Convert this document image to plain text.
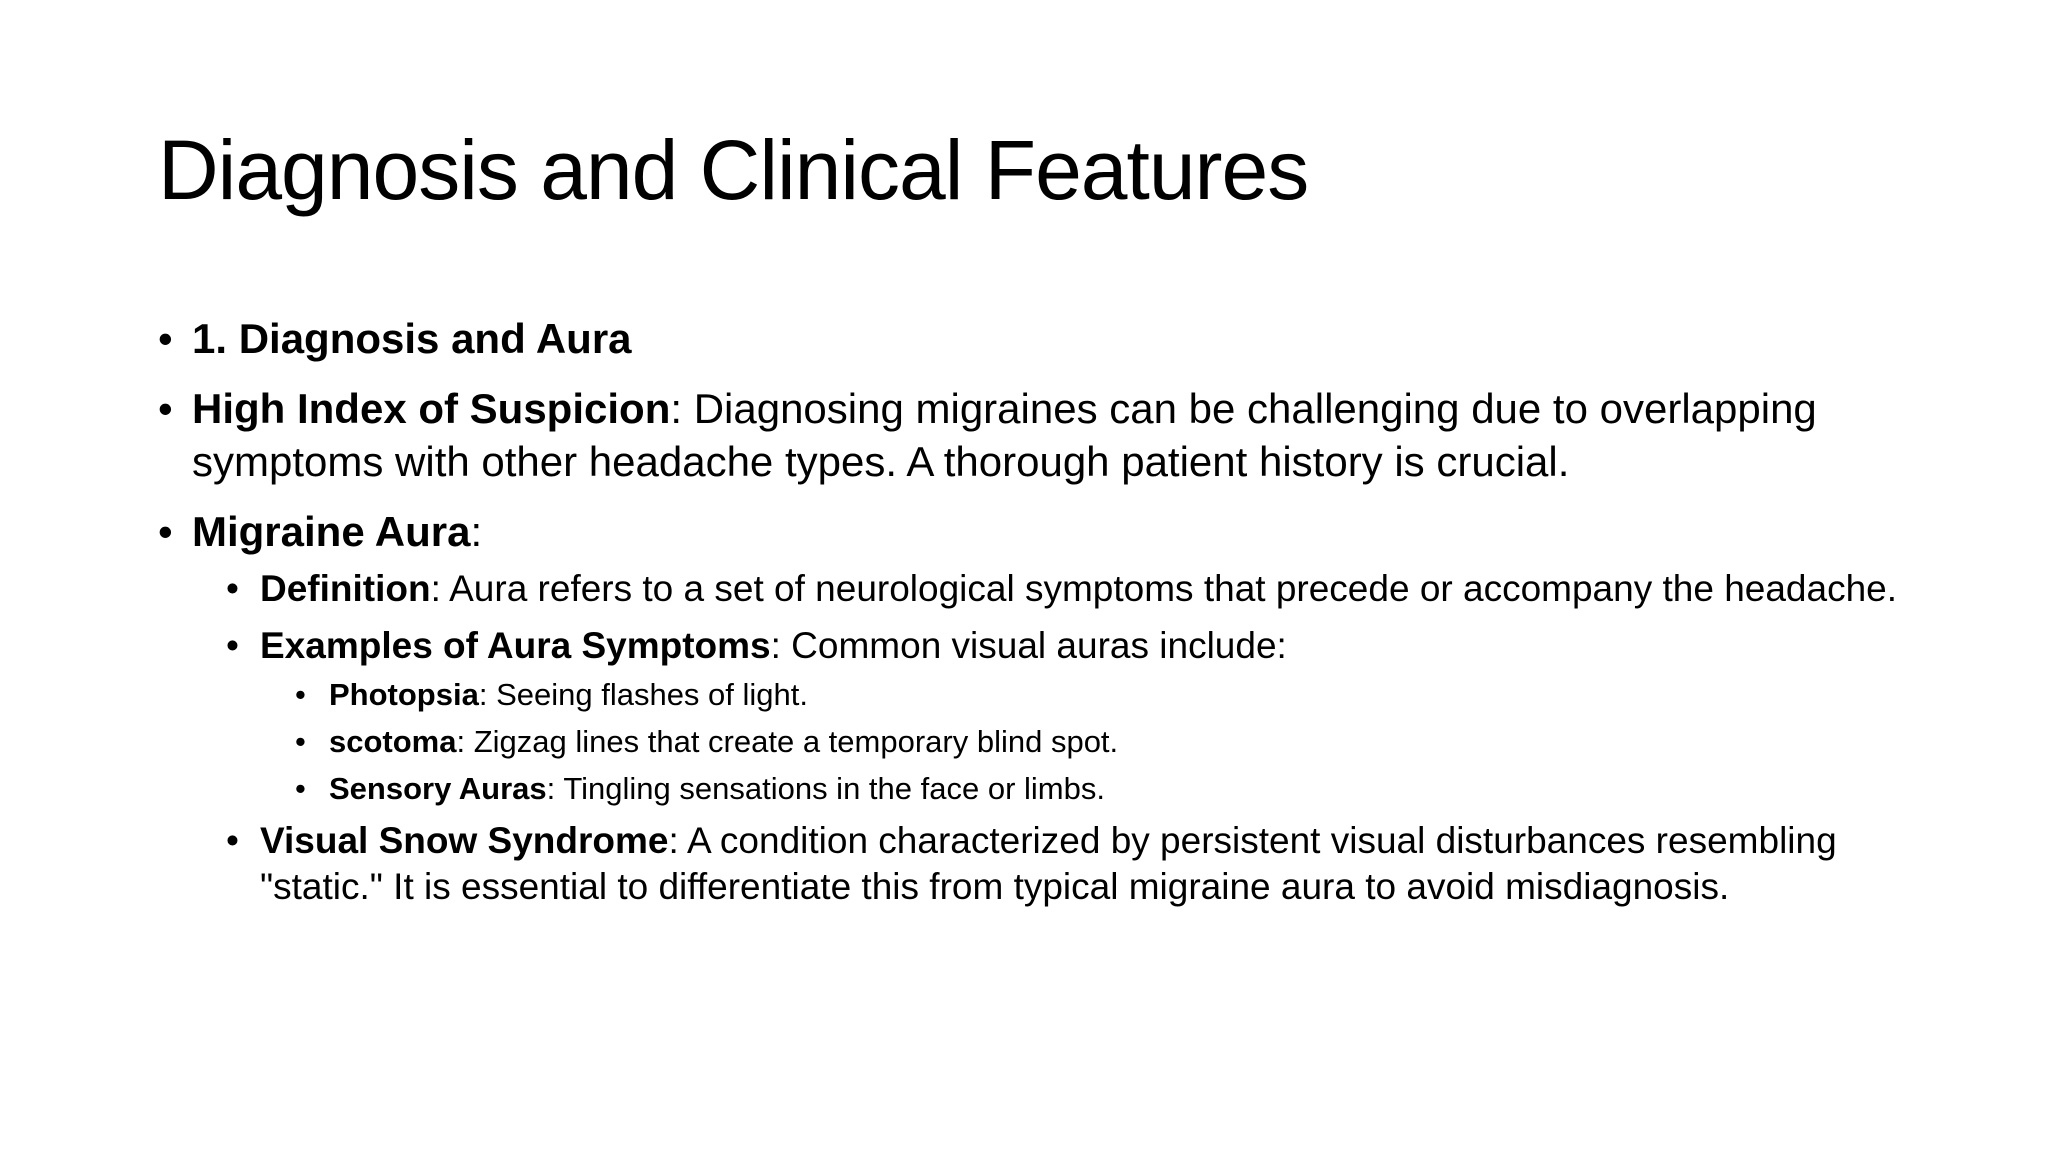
Diagnosis and Clinical Features
• 1. Diagnosis and Aura
• High Index of Suspicion: Diagnosing migraines can be challenging due to overlapping symptoms with other headache types. A thorough patient history is crucial.
• Migraine Aura:
• Definition: Aura refers to a set of neurological symptoms that precede or accompany the headache.
• Examples of Aura Symptoms: Common visual auras include:
• Photopsia: Seeing flashes of light.
• scotoma: Zigzag lines that create a temporary blind spot.
• Sensory Auras: Tingling sensations in the face or limbs.
• Visual Snow Syndrome: A condition characterized by persistent visual disturbances resembling "static." It is essential to differentiate this from typical migraine aura to avoid misdiagnosis.
